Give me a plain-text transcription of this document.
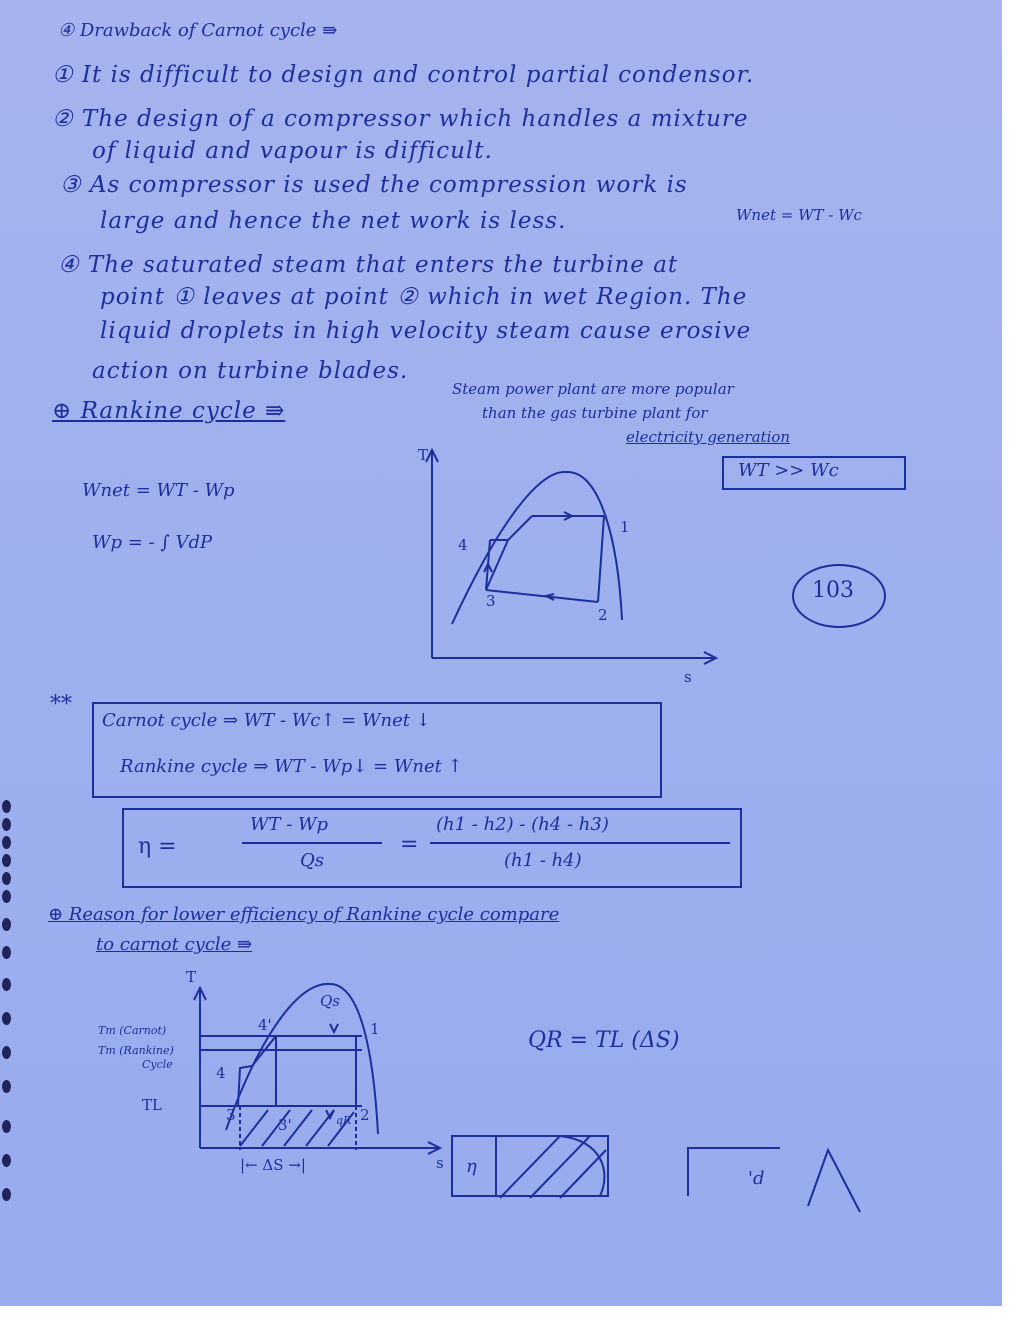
④ Drawback of Carnot cycle ⇛
① It is difficult to design and control partial condensor.
② The design of a compressor which handles a mixture
of liquid and vapour is difficult.
③ As compressor is used the compression work is
large and hence the net work is less.	Wnet = WT - Wc
④ The saturated steam that enters the turbine at
point ① leaves at point ② which in wet Region. The
liquid droplets in high velocity steam cause erosive
action on turbine blades.
⊕ Rankine cycle ⇛
Steam power plant are more popular
than the gas turbine plant for
electricity generation
WT >> Wc
Wnet = WT - Wp
Wp = - ∫ VdP
103
T
s
1
2
3
4
**
Carnot cycle ⇒ WT - Wc↑ = Wnet ↓
Rankine cycle ⇒ WT - Wp↓ = Wnet ↑
η =
WT - Wp
Qs
=
(h1 - h2) - (h4 - h3)
(h1 - h4)
⊕ Reason for lower efficiency of Rankine cycle compare
to carnot cycle ⇛
QR = TL (ΔS)
T
s
Tm (Carnot)
Tm (Rankine)
Cycle
TL
Qs
qR
1
2
3
3'
4
4'
|← ΔS →|	η
'd
